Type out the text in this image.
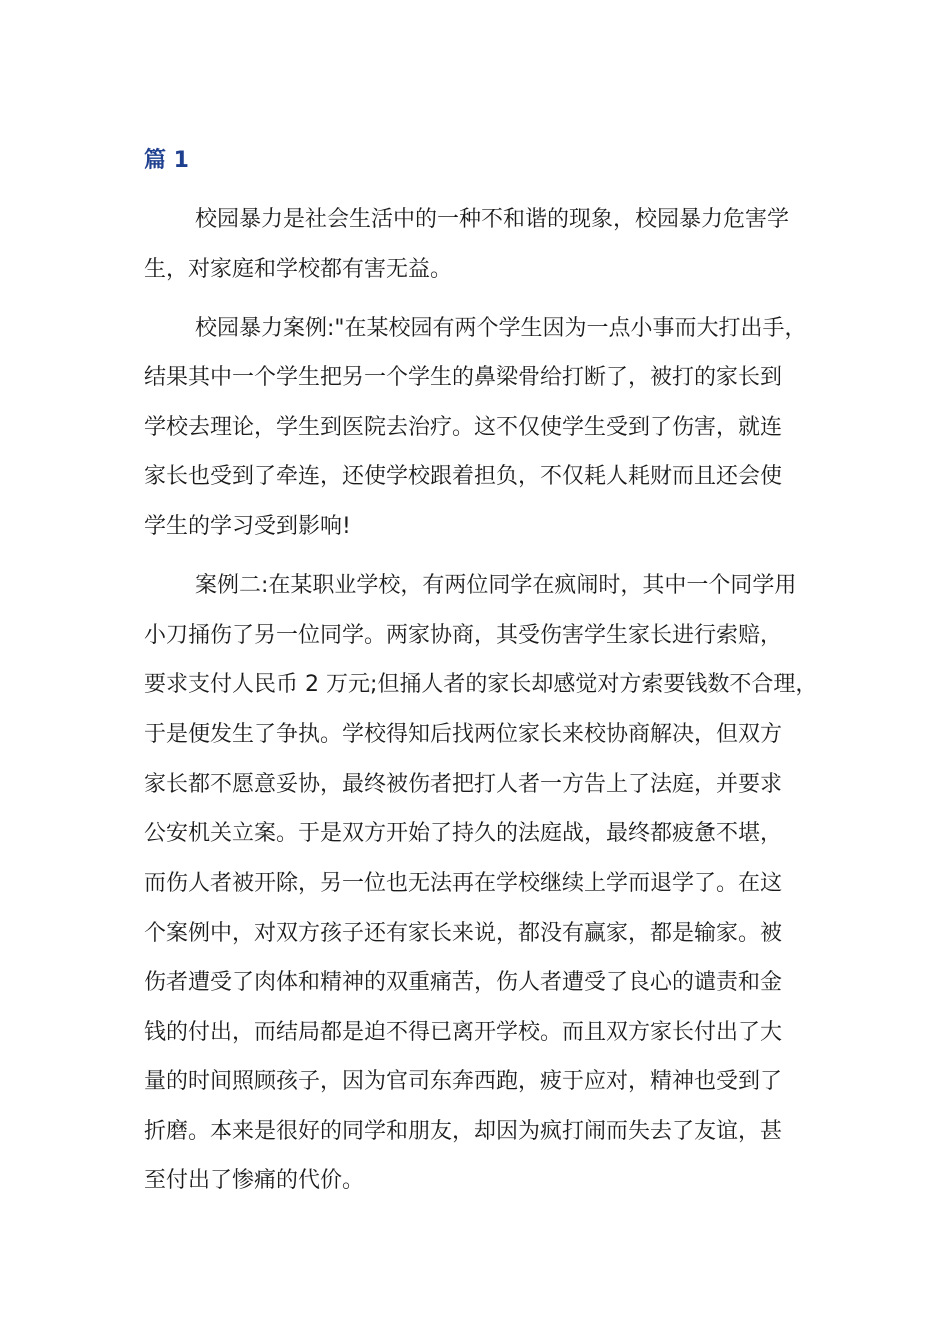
篇 1

校园暴力是社会生活中的一种不和谐的现象，校园暴力危害学

生，对家庭和学校都有害无益。

校园暴力案例:"在某校园有两个学生因为一点小事而大打出手，

结果其中一个学生把另一个学生的鼻梁骨给打断了，被打的家长到

学校去理论，学生到医院去治疗。这不仅使学生受到了伤害，就连

家长也受到了牵连，还使学校跟着担负，不仅耗人耗财而且还会使

学生的学习受到影响!

案例二:在某职业学校，有两位同学在疯闹时，其中一个同学用

小刀捅伤了另一位同学。两家协商，其受伤害学生家长进行索赔，

要求支付人民币 2 万元;但捅人者的家长却感觉对方索要钱数不合理，

于是便发生了争执。学校得知后找两位家长来校协商解决，但双方

家长都不愿意妥协，最终被伤者把打人者一方告上了法庭，并要求

公安机关立案。于是双方开始了持久的法庭战，最终都疲惫不堪，

而伤人者被开除，另一位也无法再在学校继续上学而退学了。在这

个案例中，对双方孩子还有家长来说，都没有赢家，都是输家。被

伤者遭受了肉体和精神的双重痛苦，伤人者遭受了良心的谴责和金

钱的付出，而结局都是迫不得已离开学校。而且双方家长付出了大

量的时间照顾孩子，因为官司东奔西跑，疲于应对，精神也受到了

折磨。本来是很好的同学和朋友，却因为疯打闹而失去了友谊，甚

至付出了惨痛的代价。
